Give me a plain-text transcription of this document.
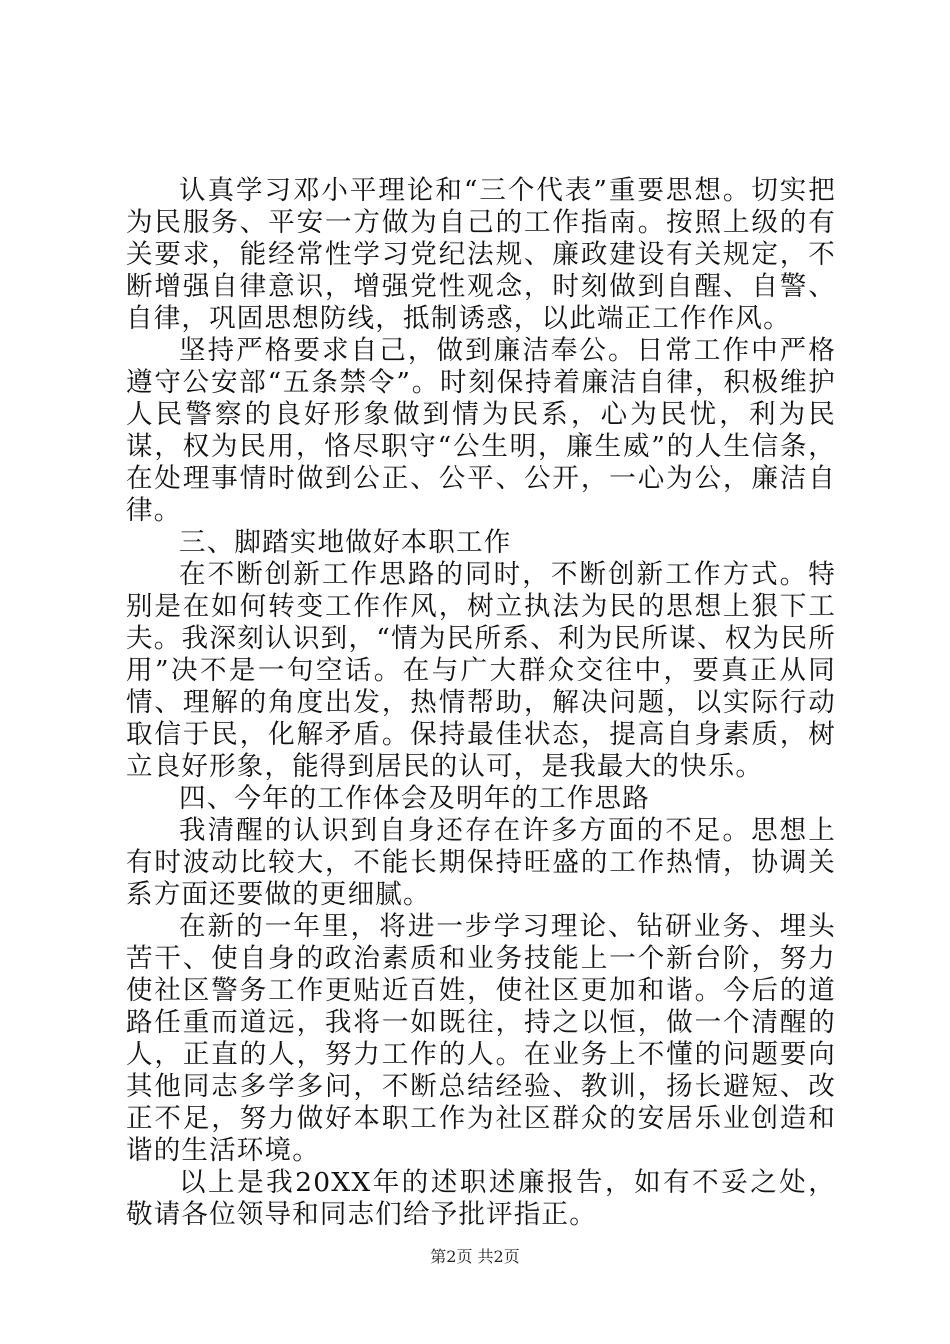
认真学习邓小平理论和“三个代表”重要思想。切实把为民服务、平安一方做为自己的工作指南。按照上级的有关要求，能经常性学习党纪法规、廉政建设有关规定，不断增强自律意识，增强党性观念，时刻做到自醒、自警、自律，巩固思想防线，抵制诱惑，以此端正工作作风。

坚持严格要求自己，做到廉洁奉公。日常工作中严格遵守公安部“五条禁令”。时刻保持着廉洁自律，积极维护人民警察的良好形象做到情为民系，心为民忧，利为民谋，权为民用，恪尽职守“公生明，廉生威”的人生信条，在处理事情时做到公正、公平、公开，一心为公，廉洁自律。

三、脚踏实地做好本职工作

在不断创新工作思路的同时，不断创新工作方式。特别是在如何转变工作作风，树立执法为民的思想上狠下工夫。我深刻认识到，“情为民所系、利为民所谋、权为民所用”决不是一句空话。在与广大群众交往中，要真正从同情、理解的角度出发，热情帮助，解决问题，以实际行动取信于民，化解矛盾。保持最佳状态，提高自身素质，树立良好形象，能得到居民的认可，是我最大的快乐。

四、今年的工作体会及明年的工作思路

我清醒的认识到自身还存在许多方面的不足。思想上有时波动比较大，不能长期保持旺盛的工作热情，协调关系方面还要做的更细腻。

在新的一年里，将进一步学习理论、钻研业务、埋头苦干、使自身的政治素质和业务技能上一个新台阶，努力使社区警务工作更贴近百姓，使社区更加和谐。今后的道路任重而道远，我将一如既往，持之以恒，做一个清醒的人，正直的人，努力工作的人。在业务上不懂的问题要向其他同志多学多问，不断总结经验、教训，扬长避短、改正不足，努力做好本职工作为社区群众的安居乐业创造和谐的生活环境。

以上是我20XX年的述职述廉报告，如有不妥之处，敬请各位领导和同志们给予批评指正。

第2页 共2页
